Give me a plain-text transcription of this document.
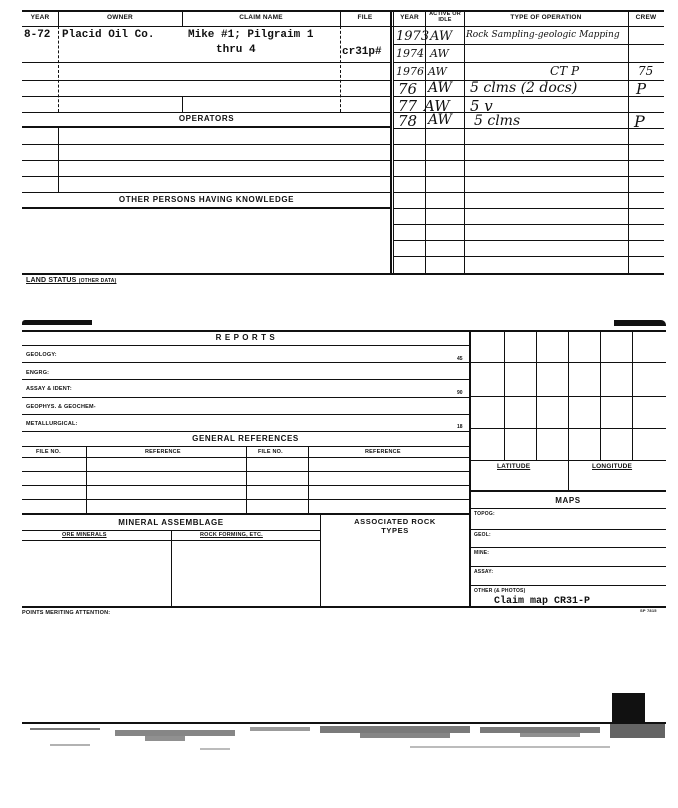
YEAR	OWNER	CLAIM NAME	FILE	YEAR	ACTIVE OR IDLE	TYPE OF OPERATION	CREW
OPERATORS
OTHER PERSONS HAVING KNOWLEDGE
8-72 Placid Oil Co.	Mike #1; Pilgraim 1
thru 4	cr31p#
1973 AW Rock Sampling-geologic Mapping
1974 AW
1976 AW	CT P	75
76 AW 5 clms (2 docs)	P
77 AW 5 v
78 AW 5 clms	P
LAND STATUS (OTHER DATA)
R E P O R T S
GEOLOGY:
ENGRG:
ASSAY & IDENT:
GEOPHYS. & GEOCHEM-
METALLURGICAL:
45
90
18
GENERAL REFERENCES
FILE NO.	REFERENCE	FILE NO.	REFERENCE
MINERAL ASSEMBLAGE	ASSOCIATED ROCK TYPES
ORE MINERALS	ROCK FORMING, ETC.
LATITUDE	LONGITUDE
MAPS
TOPOG:
GEOL:
MINE:
ASSAY:
OTHER (& PHOTOS)
Claim map CR31-P
POINTS MERITING ATTENTION:	SP 7815
